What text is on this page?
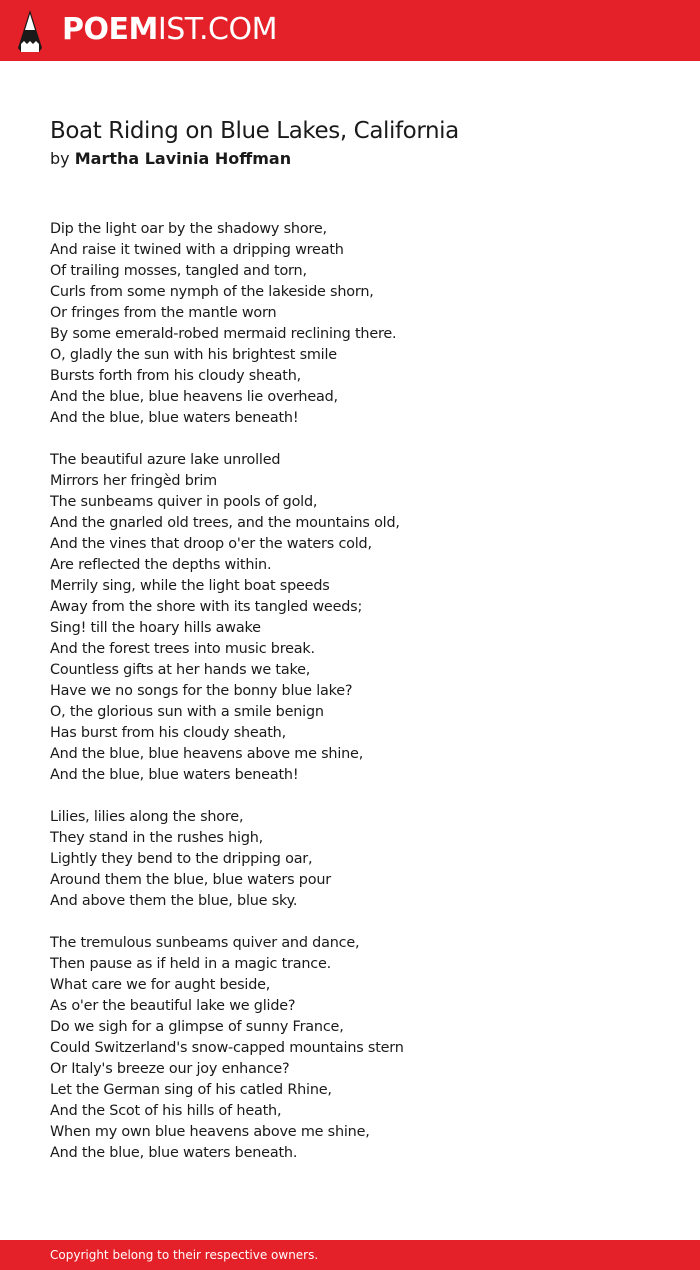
POEMIST.COM
Boat Riding on Blue Lakes, California
by Martha Lavinia Hoffman
Dip the light oar by the shadowy shore,
And raise it twined with a dripping wreath
Of trailing mosses, tangled and torn,
Curls from some nymph of the lakeside shorn,
Or fringes from the mantle worn
By some emerald-robed mermaid reclining there.
O, gladly the sun with his brightest smile
Bursts forth from his cloudy sheath,
And the blue, blue heavens lie overhead,
And the blue, blue waters beneath!
The beautiful azure lake unrolled
Mirrors her fringèd brim
The sunbeams quiver in pools of gold,
And the gnarled old trees, and the mountains old,
And the vines that droop o'er the waters cold,
Are reflected the depths within.
Merrily sing, while the light boat speeds
Away from the shore with its tangled weeds;
Sing! till the hoary hills awake
And the forest trees into music break.
Countless gifts at her hands we take,
Have we no songs for the bonny blue lake?
O, the glorious sun with a smile benign
Has burst from his cloudy sheath,
And the blue, blue heavens above me shine,
And the blue, blue waters beneath!
Lilies, lilies along the shore,
They stand in the rushes high,
Lightly they bend to the dripping oar,
Around them the blue, blue waters pour
And above them the blue, blue sky.
The tremulous sunbeams quiver and dance,
Then pause as if held in a magic trance.
What care we for aught beside,
As o'er the beautiful lake we glide?
Do we sigh for a glimpse of sunny France,
Could Switzerland's snow-capped mountains stern
Or Italy's breeze our joy enhance?
Let the German sing of his catled Rhine,
And the Scot of his hills of heath,
When my own blue heavens above me shine,
And the blue, blue waters beneath.
Copyright belong to their respective owners.
